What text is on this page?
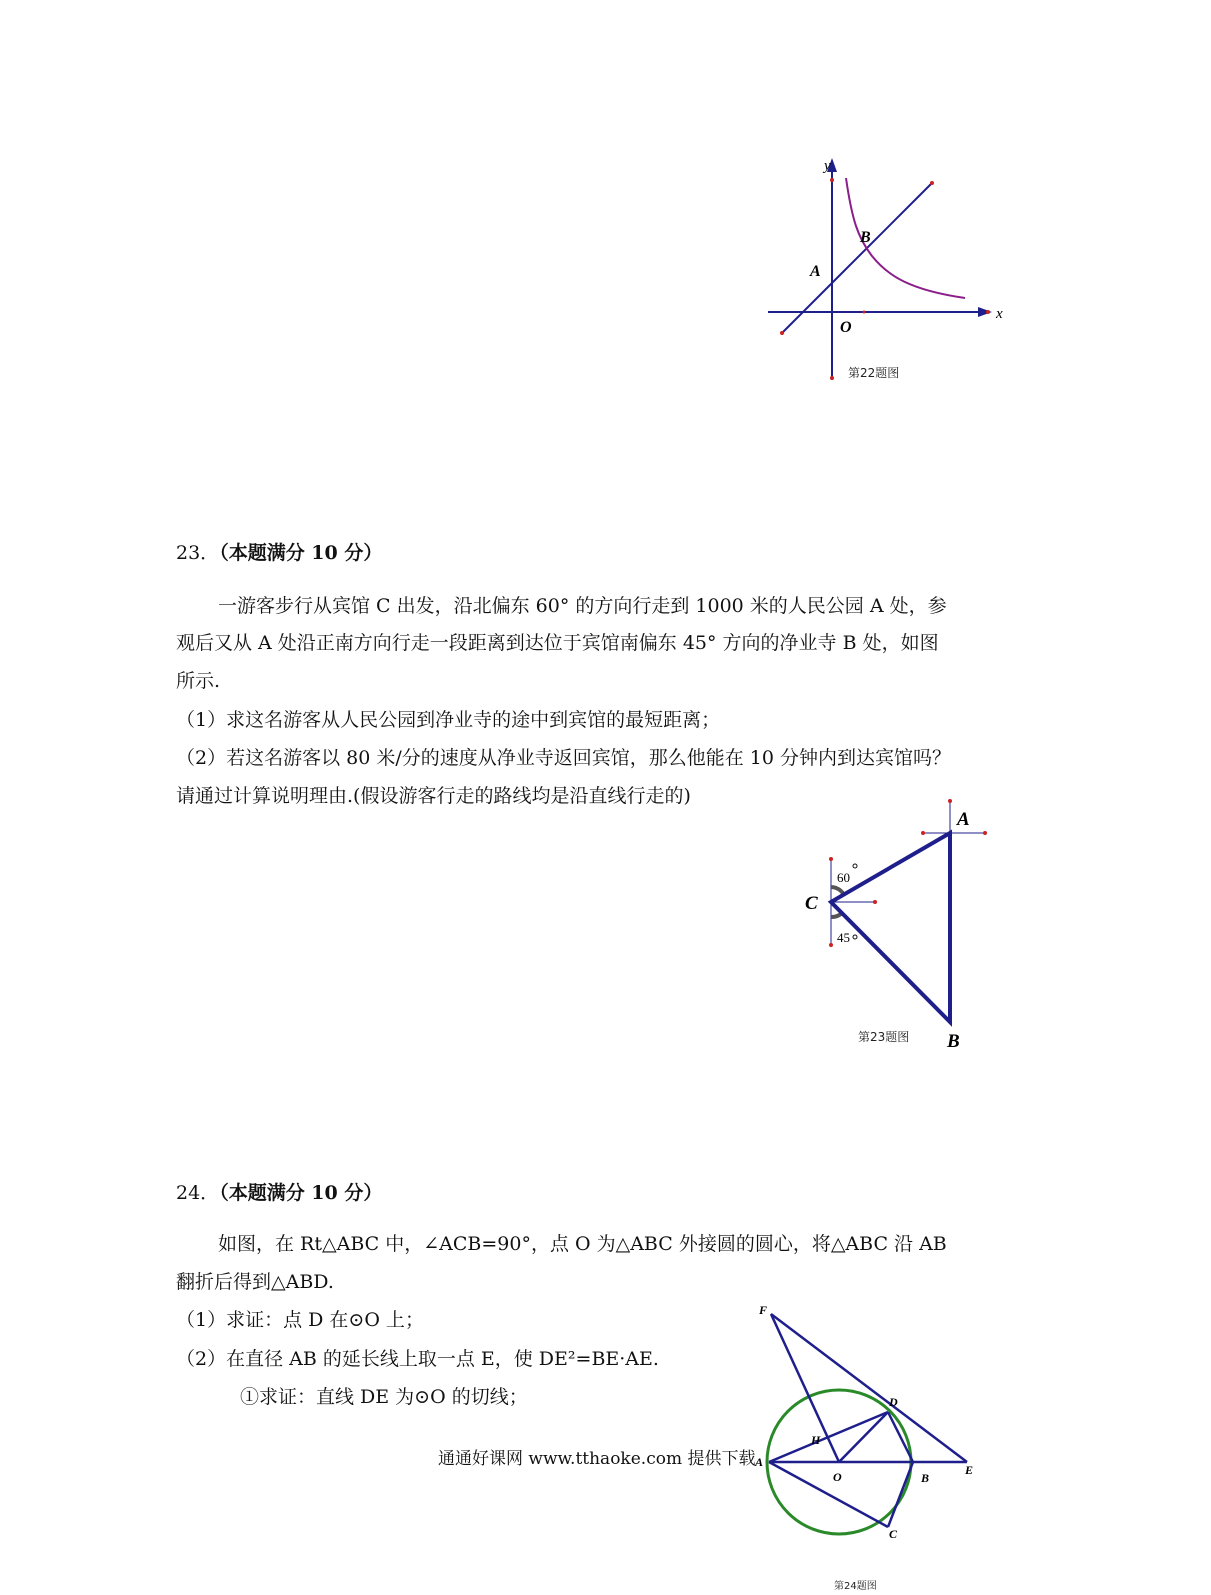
y
x
A
B
O
第22题图
23．（本题满分 10 分）
一游客步行从宾馆 C 出发，沿北偏东 60° 的方向行走到 1000 米的人民公园 A 处，参
观后又从 A 处沿正南方向行走一段距离到达位于宾馆南偏东 45° 方向的净业寺 B 处，如图
所示.
（1）求这名游客从人民公园到净业寺的途中到宾馆的最短距离；
（2）若这名游客以 80 米/分的速度从净业寺返回宾馆，那么他能在 10 分钟内到达宾馆吗？
请通过计算说明理由.(假设游客行走的路线均是沿直线行走的)
A
C
B
60
45
第23题图
24．（本题满分 10 分）
如图，在 Rt△ABC 中，∠ACB=90°，点 O 为△ABC 外接圆的圆心，将△ABC 沿 AB
翻折后得到△ABD.
（1）求证：点 D 在⊙O 上；
（2）在直径 AB 的延长线上取一点 E，使 DE²=BE·AE.
①求证：直线 DE 为⊙O 的切线；
通通好课网 www.tthaoke.com 提供下载
F
D
H
A
O	B
E
C
第24题图
